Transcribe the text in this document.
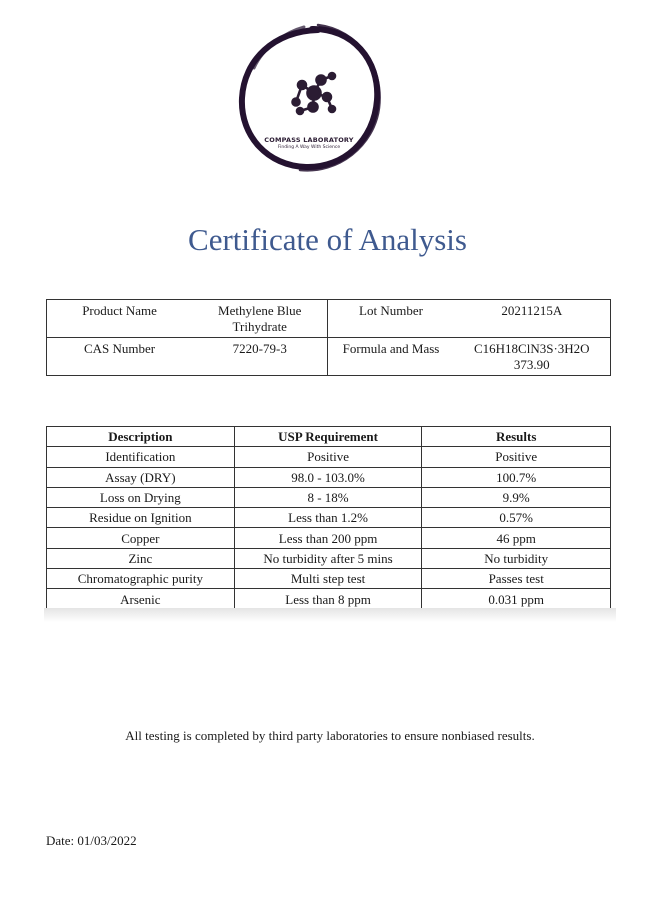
COMPASS LABORATORY
Finding A Way With Science
Certificate of Analysis
Product Name	Methylene Blue Trihydrate	Lot Number	20211215A
CAS Number	7220-79-3	Formula and Mass	C16H18ClN3S·3H2O 373.90
Description	USP Requirement	Results
Identification	Positive	Positive
Assay (DRY)	98.0 - 103.0%	100.7%
Loss on Drying	8 - 18%	9.9%
Residue on Ignition	Less than 1.2%	0.57%
Copper	Less than 200 ppm	46 ppm
Zinc	No turbidity after 5 mins	No turbidity
Chromatographic purity	Multi step test	Passes test
Arsenic	Less than 8 ppm	0.031 ppm
All testing is completed by third party laboratories to ensure nonbiased results.
Date: 01/03/2022
